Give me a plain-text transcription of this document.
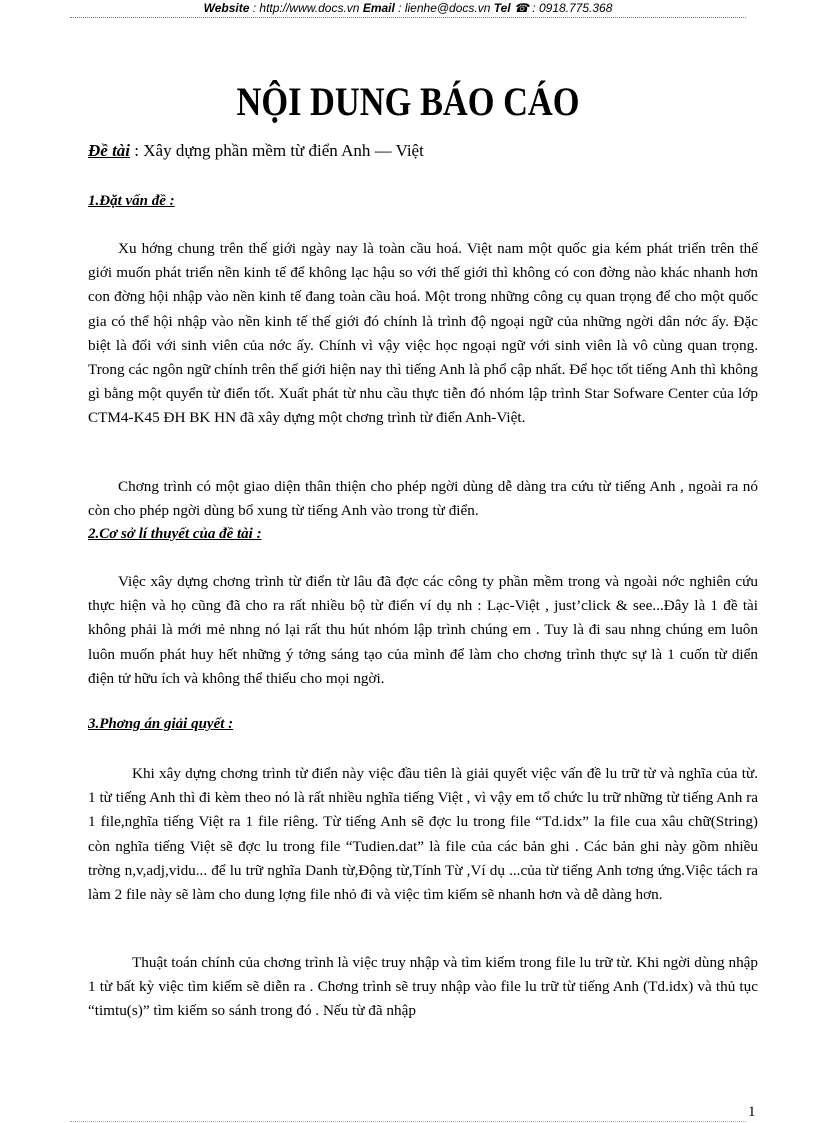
Website : http://www.docs.vn Email : lienhe@docs.vn Tel ☎ : 0918.775.368
NỘI DUNG BÁO CÁO
Đề tài : Xây dựng phần mềm từ điển Anh — Việt
1.Đặt vấn đề :

Xu hớng chung trên thế giới ngày nay là toàn cầu hoá. Việt nam một quốc gia kém phát triển trên thế giới muốn phát triển nền kinh tế để không lạc hậu so với thế giới thì không có con đờng nào khác nhanh hơn con đờng hội nhập vào nền kinh tế đang toàn cầu hoá. Một trong những công cụ quan trọng để cho một quốc gia có thể hội nhập vào nền kinh tế thế giới đó chính là trình độ ngoại ngữ của những ngời dân nớc ấy. Đặc biệt là đối với sinh viên của nớc ấy. Chính vì vậy việc học ngoại ngữ với sinh viên là vô cùng quan trọng. Trong các ngôn ngữ chính trên thế giới hiện nay thì tiếng Anh là phổ cập nhất. Để học tốt tiếng Anh thì không gì bằng một quyển từ điển tốt. Xuất phát từ nhu cầu thực tiễn đó nhóm lập trình Star Sofware Center của lớp CTM4-K45 ĐH BK HN đã xây dựng một chơng trình từ điển Anh-Việt.

Chơng trình có một giao diện thân thiện cho phép ngời dùng dễ dàng tra cứu từ tiếng Anh , ngoài ra nó còn cho phép ngời dùng bổ xung từ tiếng Anh vào trong từ điển.

2.Cơ sở lí thuyết của đề tài :

Việc xây dựng chơng trình từ điển từ lâu đã đợc các công ty phần mềm trong và ngoài nớc nghiên cứu thực hiện và họ cũng đã cho ra rất nhiều bộ từ điển ví dụ nh : Lạc-Việt , just’click & see...Đây là 1 đề tài không phải là mới mẻ nhng nó lại rất thu hút nhóm lập trình chúng em . Tuy là đi sau nhng chúng em luôn luôn muốn phát huy hết những ý tởng sáng tạo của mình để làm cho chơng trình thực sự là 1 cuốn từ diển điện tử hữu ích và không thể thiếu cho mọi ngời.

3.Phơng án giải quyết :

Khi xây dựng chơng trình từ điển này việc đầu tiên là giải quyết việc vấn đề lu trữ từ và nghĩa của từ. 1 từ tiếng Anh thì đi kèm theo nó là rất nhiều nghĩa tiếng Việt , vì vậy em tổ chức lu trữ những từ tiếng Anh ra 1 file,nghĩa tiếng Việt ra 1 file riêng. Từ tiếng Anh sẽ đợc lu trong file “Td.idx” la file cua xâu chữ(String) còn nghĩa tiếng Việt sẽ đợc lu trong file “Tudien.dat” là file của các bản ghi . Các bản ghi này gồm nhiều trờng n,v,adj,vidu... để lu trữ nghĩa Danh từ,Động từ,Tính Từ ,Ví dụ ...của từ tiếng Anh tơng ứng.Việc tách ra làm 2 file này sẽ làm cho dung lợng file nhỏ đi và việc tìm kiếm sẽ nhanh hơn và dễ dàng hơn.

Thuật toán chính của chơng trình là việc truy nhập và tìm kiếm trong file lu trữ từ. Khi ngời dùng nhập 1 từ bất kỳ việc tìm kiếm sẽ diễn ra . Chơng trình sẽ truy nhập vào file lu trữ từ tiếng Anh (Td.idx) và thủ tục “timtu(s)” tìm kiếm so sánh trong đó . Nếu từ đã nhập

1
